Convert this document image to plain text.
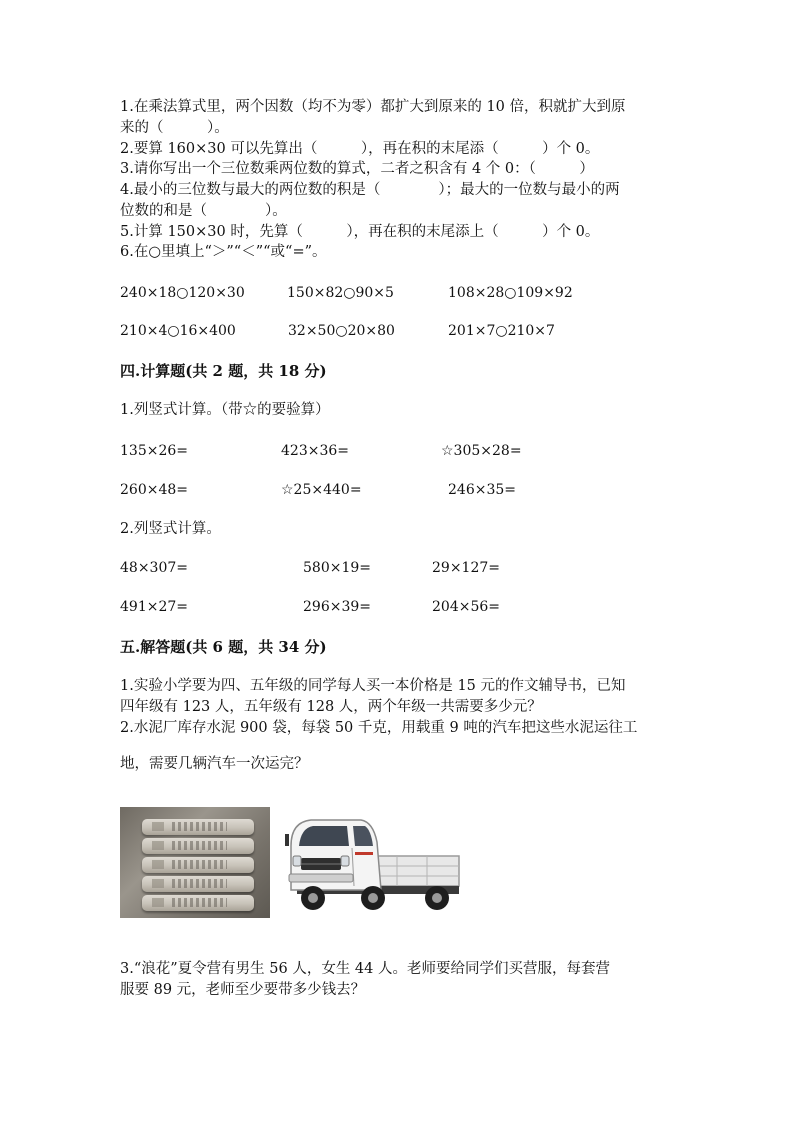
1.在乘法算式里，两个因数（均不为零）都扩大到原来的 10 倍，积就扩大到原
来的（　　　）。
2.要算 160×30 可以先算出（　　　），再在积的末尾添（　　　）个 0。
3.请你写出一个三位数乘两位数的算式，二者之积含有 4 个 0：（　　　）
4.最小的三位数与最大的两位数的积是（　　　　）；最大的一位数与最小的两
位数的和是（　　　　）。
5.计算 150×30 时，先算（　　　），再在积的末尾添上（　　　）个 0。
6.在○里填上“＞”“＜”“或“=”。
240×18○120×30	150×82○90×5	108×28○109×92
210×4○16×400	32×50○20×80	201×7○210×7
四.计算题(共 2 题，共 18 分)
1.列竖式计算。（带☆的要验算）
135×26=	423×36=	☆305×28=
260×48=	☆25×440=	246×35=
2.列竖式计算。
48×307=	580×19=	29×127=
491×27=	296×39=	204×56=
五.解答题(共 6 题，共 34 分)
1.实验小学要为四、五年级的同学每人买一本价格是 15 元的作文辅导书，已知
四年级有 123 人，五年级有 128 人，两个年级一共需要多少元？
2.水泥厂库存水泥 900 袋，每袋 50 千克，用载重 9 吨的汽车把这些水泥运往工
地，需要几辆汽车一次运完？
3.“浪花”夏令营有男生 56 人，女生 44 人。老师要给同学们买营服，每套营
服要 89 元，老师至少要带多少钱去？
